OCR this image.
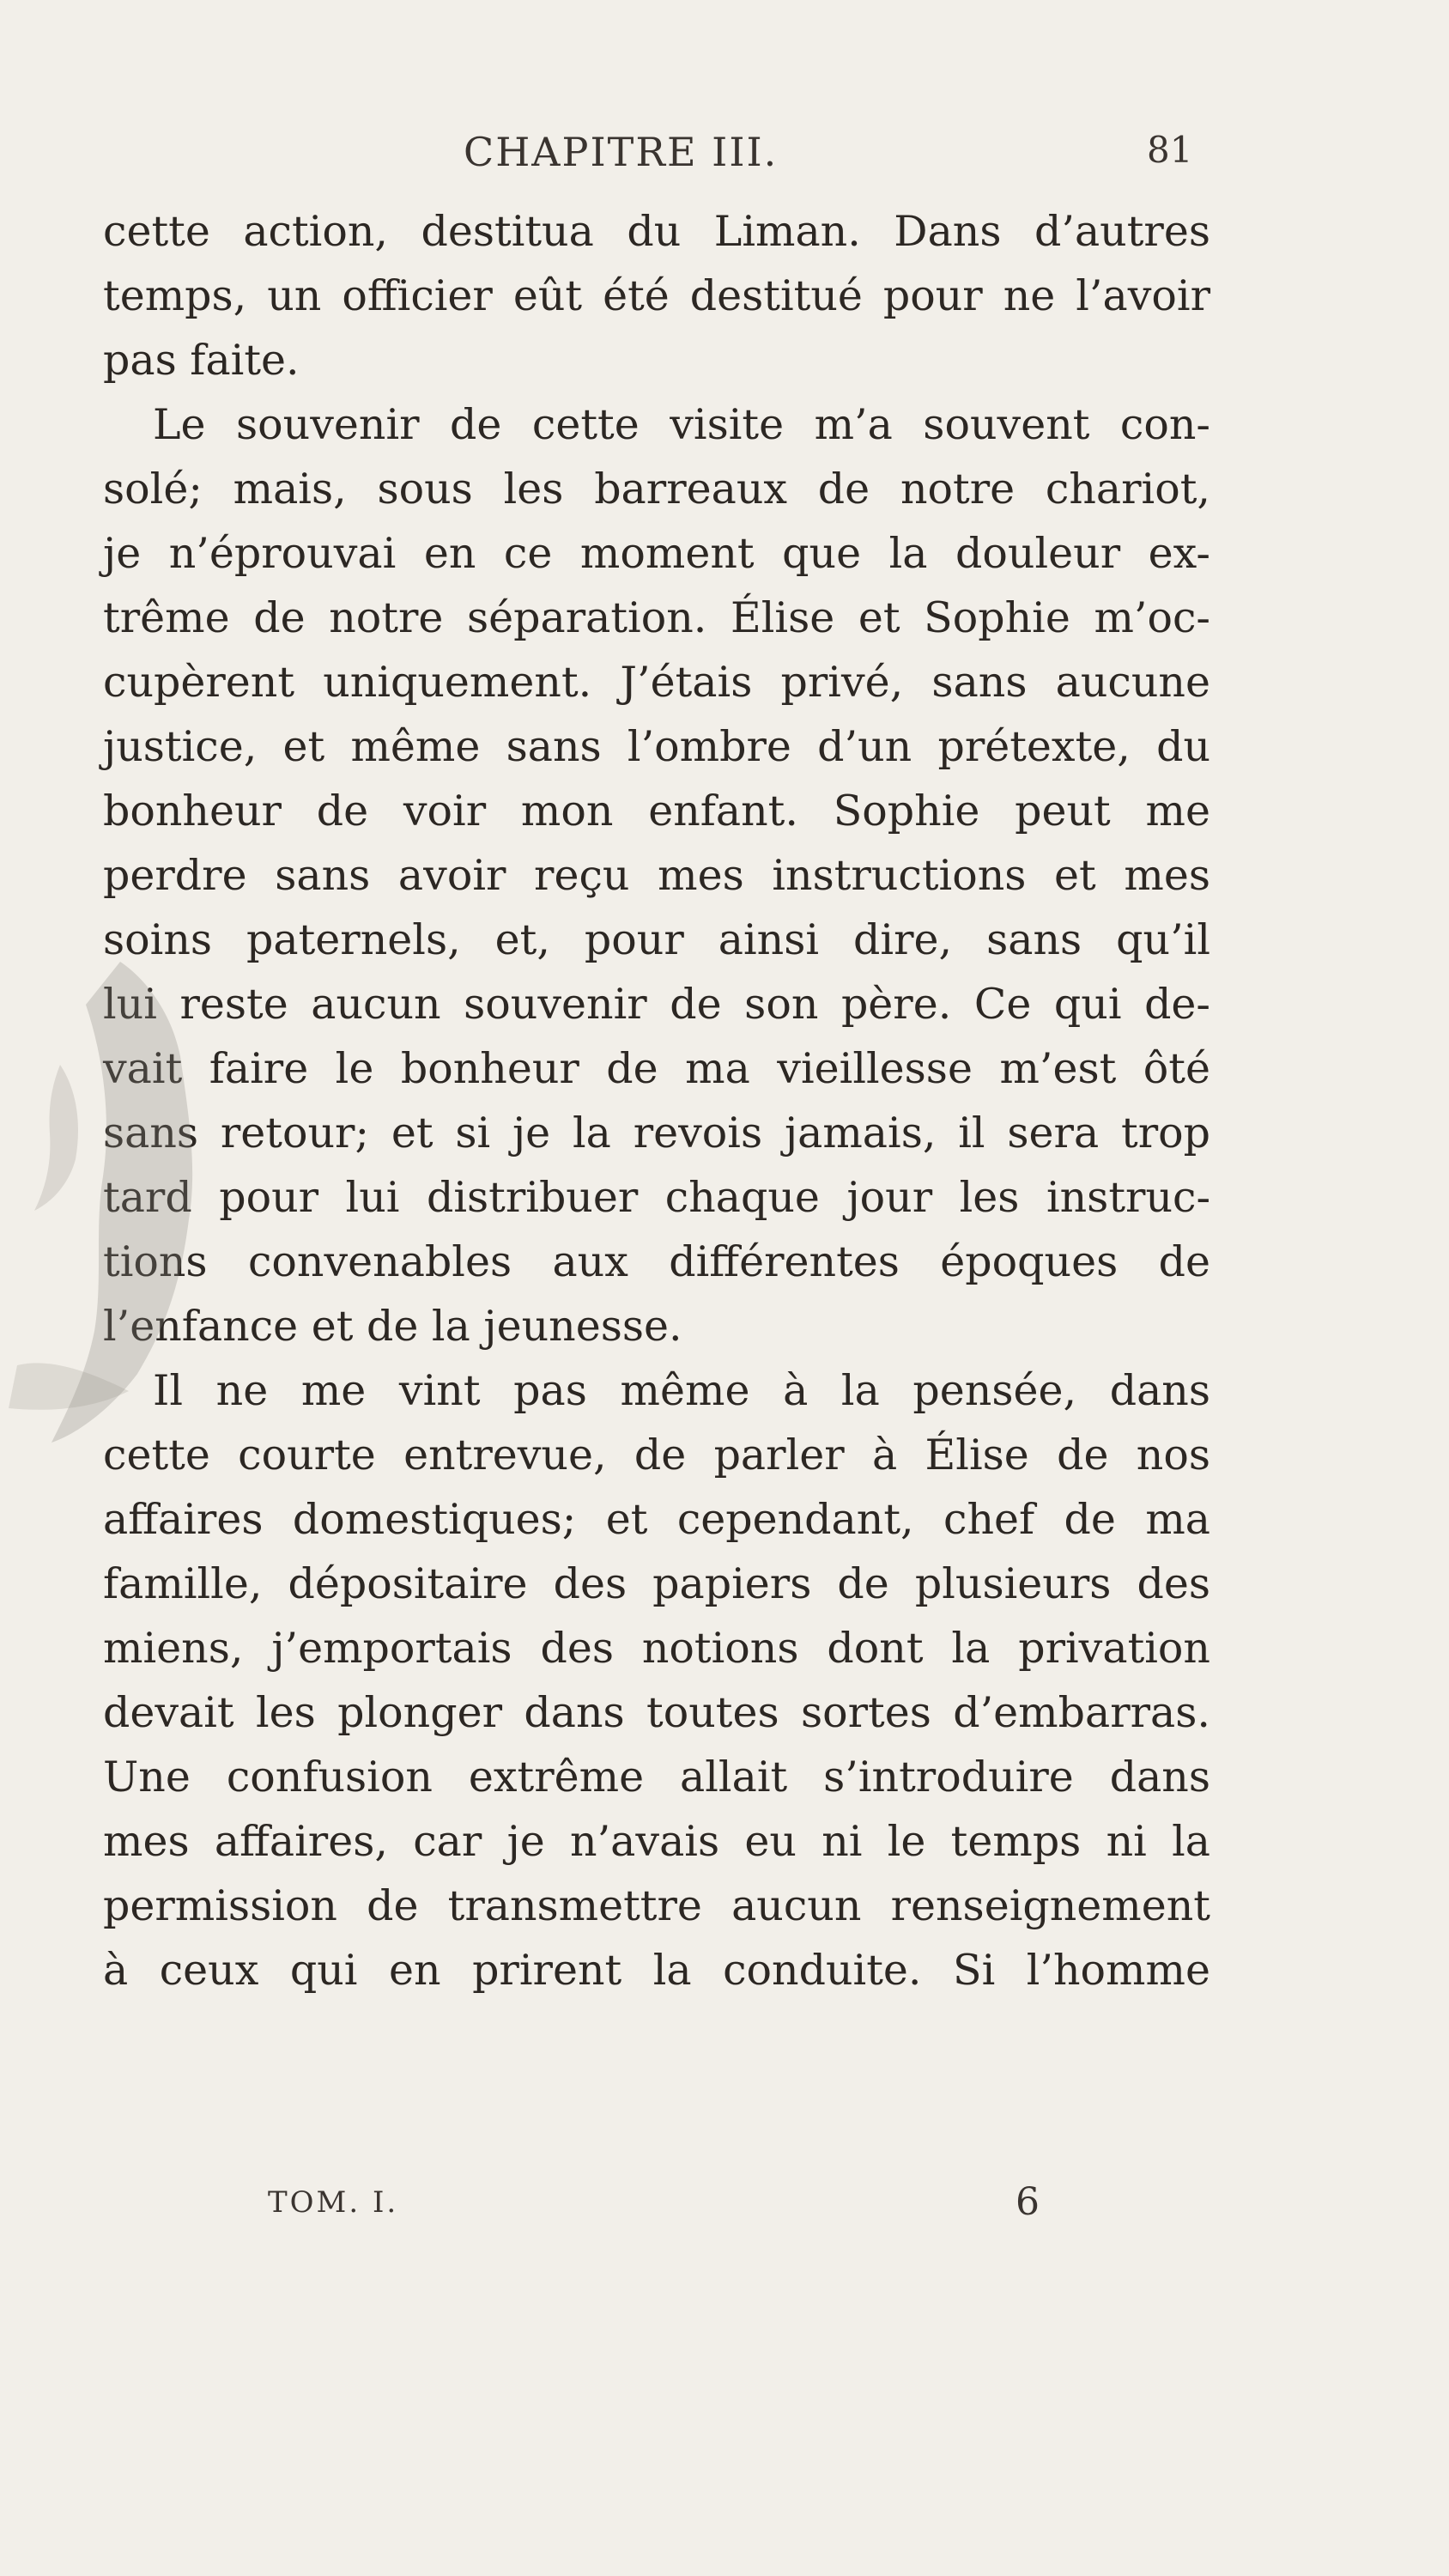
CHAPITRE III.	81
cette action, destitua du Liman. Dans d’autres
temps, un officier eût été destitué pour ne l’avoir
pas faite.
Le souvenir de cette visite m’a souvent con-
solé; mais, sous les barreaux de notre chariot,
je n’éprouvai en ce moment que la douleur ex-
trême de notre séparation. Élise et Sophie m’oc-
cupèrent uniquement. J’étais privé, sans aucune
justice, et même sans l’ombre d’un prétexte, du
bonheur de voir mon enfant. Sophie peut me
perdre sans avoir reçu mes instructions et mes
soins paternels, et, pour ainsi dire, sans qu’il
lui reste aucun souvenir de son père. Ce qui de-
vait faire le bonheur de ma vieillesse m’est ôté
sans retour; et si je la revois jamais, il sera trop
tard pour lui distribuer chaque jour les instruc-
tions convenables aux différentes époques de
l’enfance et de la jeunesse.
Il ne me vint pas même à la pensée, dans
cette courte entrevue, de parler à Élise de nos
affaires domestiques; et cependant, chef de ma
famille, dépositaire des papiers de plusieurs des
miens, j’emportais des notions dont la privation
devait les plonger dans toutes sortes d’embarras.
Une confusion extrême allait s’introduire dans
mes affaires, car je n’avais eu ni le temps ni la
permission de transmettre aucun renseignement
à ceux qui en prirent la conduite. Si l’homme
TOM. I.	6
